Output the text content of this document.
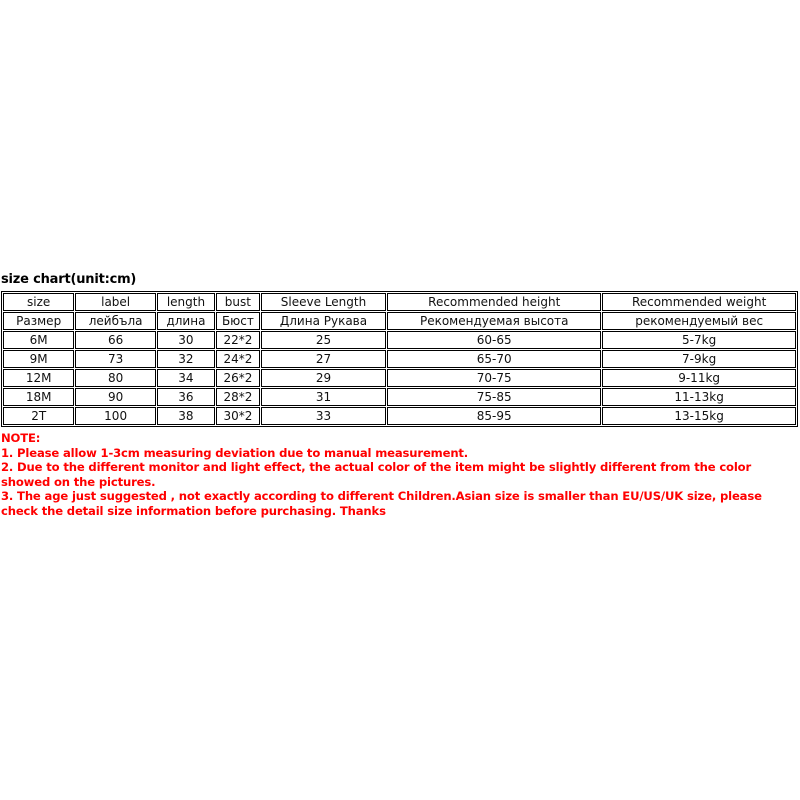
size chart(unit:cm)
size	label	length	bust	Sleeve Length	Recommended height	Recommended weight
Размер	лейбъла	длина	Бюст	Длина Рукава	Рекомендуемая высота	рекомендуемый вес
6M	66	30	22*2	25	60-65	5-7kg
9M	73	32	24*2	27	65-70	7-9kg
12M	80	34	26*2	29	70-75	9-11kg
18M	90	36	28*2	31	75-85	11-13kg
2T	100	38	30*2	33	85-95	13-15kg
NOTE:
1. Please allow 1-3cm measuring deviation due to manual measurement.
2. Due to the different monitor and light effect, the actual color of the item might be slightly different from the color showed on the pictures.
3. The age just suggested , not exactly according to different Children.Asian size is smaller than EU/US/UK size, please check the detail size information before purchasing. Thanks
